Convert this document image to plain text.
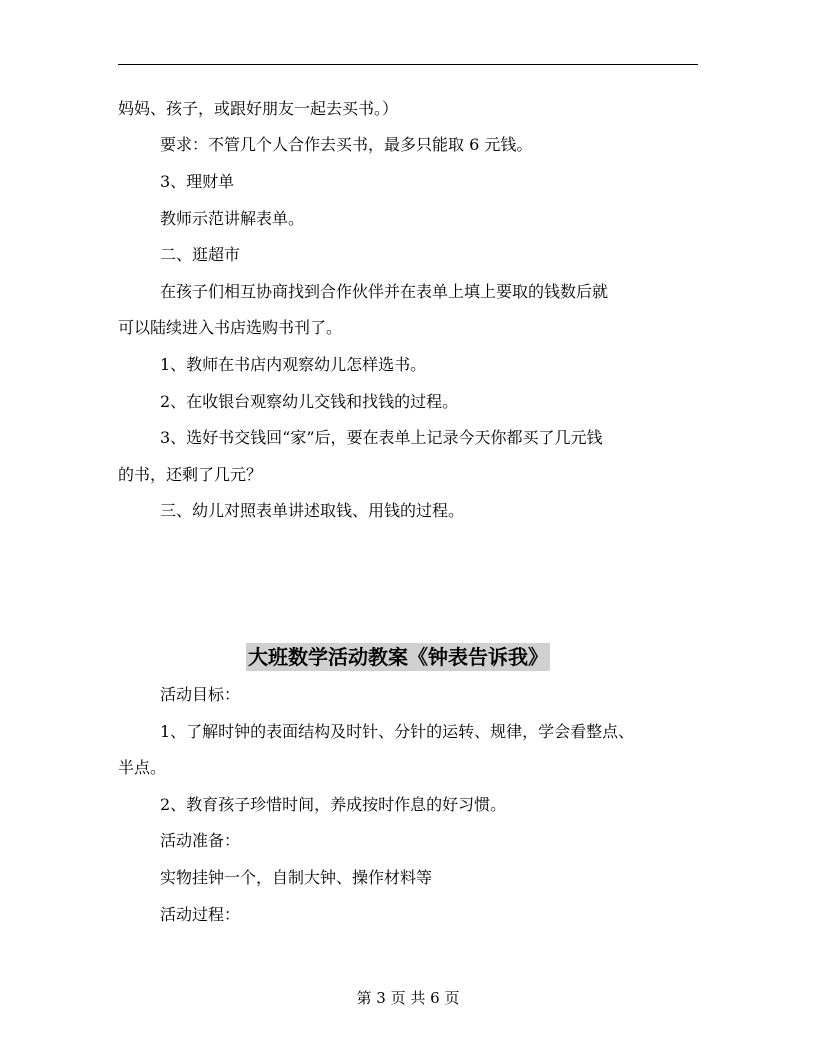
妈妈、孩子，或跟好朋友一起去买书。）
要求：不管几个人合作去买书，最多只能取 6 元钱。
3、理财单
教师示范讲解表单。
二、逛超市
在孩子们相互协商找到合作伙伴并在表单上填上要取的钱数后就
可以陆续进入书店选购书刊了。
1、教师在书店内观察幼儿怎样选书。
2、在收银台观察幼儿交钱和找钱的过程。
3、选好书交钱回“家”后，要在表单上记录今天你都买了几元钱
的书，还剩了几元？
三、幼儿对照表单讲述取钱、用钱的过程。
大班数学活动教案《钟表告诉我》
活动目标：
1、了解时钟的表面结构及时针、分针的运转、规律，学会看整点、
半点。
2、教育孩子珍惜时间，养成按时作息的好习惯。
活动准备：
实物挂钟一个，自制大钟、操作材料等
活动过程：
第 3 页 共 6 页
